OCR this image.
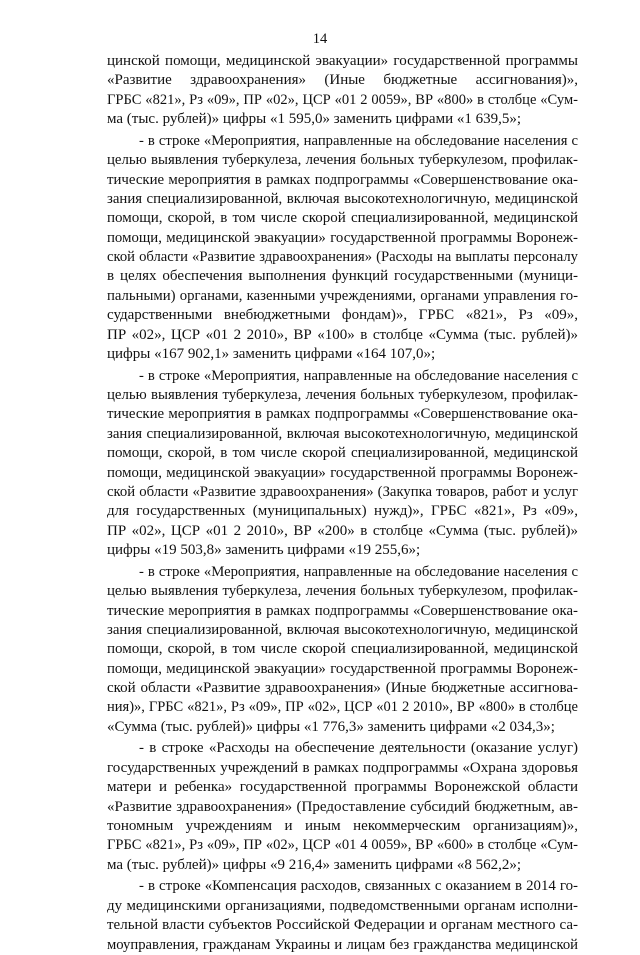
14
цинской помощи, медицинской эвакуации» государственной программы
«Развитие здравоохранения» (Иные бюджетные ассигнования)»,
ГРБС «821», Рз «09», ПР «02», ЦСР «01 2 0059», ВР «800» в столбце «Сум-
ма (тыс. рублей)» цифры «1 595,0» заменить цифрами «1 639,5»;
- в строке «Мероприятия, направленные на обследование населения с
целью выявления туберкулеза, лечения больных туберкулезом, профилак-
тические мероприятия в рамках подпрограммы «Совершенствование ока-
зания специализированной, включая высокотехнологичную, медицинской
помощи, скорой, в том числе скорой специализированной, медицинской
помощи, медицинской эвакуации» государственной программы Воронеж-
ской области «Развитие здравоохранения» (Расходы на выплаты персоналу
в целях обеспечения выполнения функций государственными (муници-
пальными) органами, казенными учреждениями, органами управления го-
сударственными внебюджетными фондам)», ГРБС «821», Рз «09»,
ПР «02», ЦСР «01 2 2010», ВР «100» в столбце «Сумма (тыс. рублей)»
цифры «167 902,1» заменить цифрами «164 107,0»;
- в строке «Мероприятия, направленные на обследование населения с
целью выявления туберкулеза, лечения больных туберкулезом, профилак-
тические мероприятия в рамках подпрограммы «Совершенствование ока-
зания специализированной, включая высокотехнологичную, медицинской
помощи, скорой, в том числе скорой специализированной, медицинской
помощи, медицинской эвакуации» государственной программы Воронеж-
ской области «Развитие здравоохранения» (Закупка товаров, работ и услуг
для государственных (муниципальных) нужд)», ГРБС «821», Рз «09»,
ПР «02», ЦСР «01 2 2010», ВР «200» в столбце «Сумма (тыс. рублей)»
цифры «19 503,8» заменить цифрами «19 255,6»;
- в строке «Мероприятия, направленные на обследование населения с
целью выявления туберкулеза, лечения больных туберкулезом, профилак-
тические мероприятия в рамках подпрограммы «Совершенствование ока-
зания специализированной, включая высокотехнологичную, медицинской
помощи, скорой, в том числе скорой специализированной, медицинской
помощи, медицинской эвакуации» государственной программы Воронеж-
ской области «Развитие здравоохранения» (Иные бюджетные ассигнова-
ния)», ГРБС «821», Рз «09», ПР «02», ЦСР «01 2 2010», ВР «800» в столбце
«Сумма (тыс. рублей)» цифры «1 776,3» заменить цифрами «2 034,3»;
- в строке «Расходы на обеспечение деятельности (оказание услуг)
государственных учреждений в рамках подпрограммы «Охрана здоровья
матери и ребенка» государственной программы Воронежской области
«Развитие здравоохранения» (Предоставление субсидий бюджетным, ав-
тономным учреждениям и иным некоммерческим организациям)»,
ГРБС «821», Рз «09», ПР «02», ЦСР «01 4 0059», ВР «600» в столбце «Сум-
ма (тыс. рублей)» цифры «9 216,4» заменить цифрами «8 562,2»;
- в строке «Компенсация расходов, связанных с оказанием в 2014 го-
ду медицинскими организациями, подведомственными органам исполни-
тельной власти субъектов Российской Федерации и органам местного са-
моуправления, гражданам Украины и лицам без гражданства медицинской
